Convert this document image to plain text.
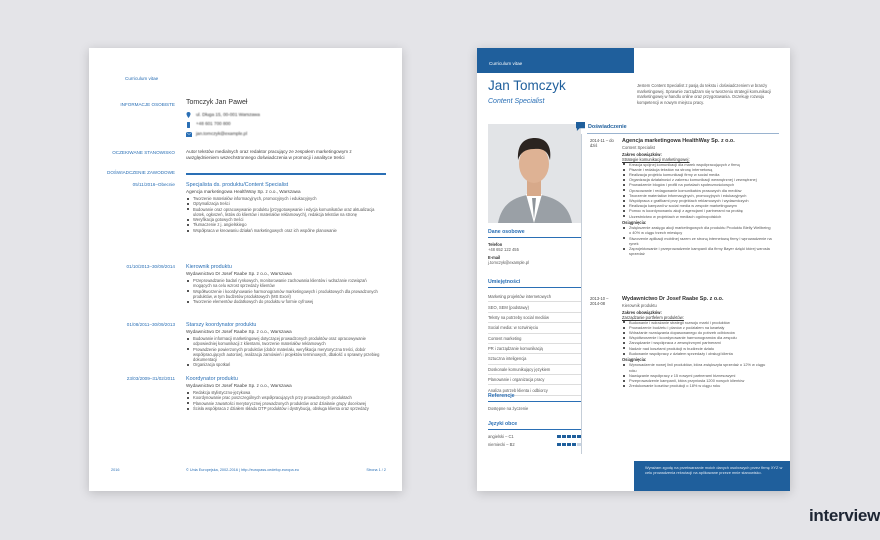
Curriculum vitae
INFORMACJE OSOBISTE Tomczyk Jan Paweł
ul. Długa 15, 00-001 Warszawa
+48 601 700 800
jan.tomczyk@example.pl
OCZEKIWANE STANOWISKO Autor tekstów medialnych oraz redaktor pracujący ze zespołem marketingowym z uwzględnieniem wszechstronnego doświadczenia w promocji i analityce treści
DOŚWIADCZENIE ZAWODOWE
05/11/2016–Obecnie Specjalista ds. produktu/Content Specialist
Agencja marketingowa HealthWay Sp. z o.o., Warszawa
Tworzenie materiałów informacyjnych, promocyjnych i edukacyjnych
Optymalizacja treści
Budowanie oraz opracowywanie produktu (przygotowywanie i edycja komunikatów oraz aktualizacja ulotek, ogłoszeń, listów do klientów i materiałów reklamowych), redakcja tekstów na stronę
Weryfikacja gotowych treści
Tłumaczenie z j. angielskiego
Współpraca w kreowaniu działań marketingowych oraz ich wspólne planowanie
01/10/2013–30/09/2014 Kierownik produktu
Wydawnictwo Dr Josef Raabe Sp. z o.o., Warszawa
Przeprowadzanie badań rynkowych, monitorowanie zachowania klientów i wdrażanie rozwiązań mogących na celu wzrost sprzedaży klientów
Współtworzenie i koordynowanie harmonogramów marketingowych i produktowych dla prowadzonych produktów, w tym budżetów produktowych (MS Excel)
Tworzenie elementów dodatkowych do produktu w formie cyfrowej
01/08/2011–30/09/2013 Starszy koordynator produktu
Wydawnictwo Dr Josef Raabe Sp. z o.o., Warszawa
Budowanie informacji marketingowej dotyczącej prowadzonych produktów oraz opracowywanie odpowiedniej komunikacji z klientami, tworzenie materiałów reklamowych
Prowadzenie powierzonych produktów (dobór materiału, weryfikacja merytoryczna treści, dobór współpracujących autorów), realizacja zamówień i projektów terminowych, dbałość o sprawny przebieg dokumentacji
Organizacja spotkań
23/03/2009–31/02/2011 Koordynator produktu
Wydawnictwo Dr Josef Raabe Sp. z o.o., Warszawa
Redakcja stylistyczno-językowa
Koordynowanie prac poszczególnych współpracujących przy prowadzonych produktach
Planowanie zawartości merytorycznej prowadzonych produktów oraz działanie grupy docelowej
Ścisła współpraca z działem składu DTP produktów i dystrybucją, obsługa klienta oraz sprzedaży
2016	© Unia Europejska, 2002-2016 | http://europass.cedefop.europa.eu	Strona 1 / 2
Curriculum vitae
Jan Tomczyk
Content Specialist
Jestem Content Specialist z pasją do tekstu i doświadczeniem w branży marketingowej. Sprawnie zarządzam się w tworzeniu strategii komunikacji marketingowej w handlu online oraz przygotowania. Oczekuję rozwoju kompetencji w nowym miejscu pracy.
Dane osobowe
Telefon
+48 652 122 455
E-mail
j.tomczyk@example.pl
Umiejętności
Marketing projektów internetowych
SEO, SEM (podstawy)
Teksty na potrzeby social mediów
Social media: w rozwinięciu
Content marketing
PR i zarządzanie komunikacją
Sztuczna inteligencja
Doskonale komunikujący językiem
Planowanie i organizacja pracy
Analiza potrzeb klienta i odbiorcy
Referencje
Dostępne na życzenie
Języki obce
angielski – C1
niemiecki – B2
Doświadczenie
2014-11 – do dziś
Agencja marketingowa HealthWay Sp. z o.o.
Content Specialist
Zakres obowiązków:
Strategie komunikacji marketingowej:
Kreacja spójnej komunikacji dla marek współpracujących z firmą
Pisanie i redakcja tekstów na stronę internetową
Realizacja projektu komunikacji firmy w social media
Organizacja działalności z zakresu komunikacji wewnętrznej i zewnętrznej
Prowadzenie blogów i profili na portalach społecznościowych
Opracowanie i redagowanie komunikatów prasowych dla mediów
Tworzenie materiałów informacyjnych, promocyjnych i edukacyjnych
Współpraca z grafikami przy projektach reklamowych i wydawniczych
Realizacja kampanii w social media w zespole marketingowym
Pomoc w koordynowaniu akcji z agencjami i partnerami na prośbę
Uczestnictwo w projektach w mediach ogólnopolskich
Osiągnięcia:
Zwiększenie zasięgu akcji marketingowych dla produktu Produktu Bielly Wellbeing o 40% w ciągu trzech miesięcy
Stworzenie aplikacji mobilnej razem ze stroną internetową firmy i wprowadzenie na rynek
Zaprojektowanie i przeprowadzenie kampanii dla firmy Bayer dzięki której wzrosła sprzedaż
2013-10 – 2014-08
Wydawnictwo Dr Josef Raabe Sp. z o.o.
Kierownik produktu
Zakres obowiązków:
Zarządzanie portfelem produktów:
Budowanie i wdrażanie strategii rozwoju marki i produktów
Prowadzenie budżetu i planów z podziałem na kwartały
Wdrażanie rozwiązania dopasowanego do potrzeb odbiorców
Współtworzenie i koordynowanie harmonogramów dla zespołu
Zarządzanie i współpraca z zewnętrznymi partnerami
Nadzór nad kosztami produkcji w budżecie działu
Budowanie współpracy z działem sprzedaży i obsługi klienta
Osiągnięcia:
Wprowadzenie nowej linii produktów, która zwiększyła sprzedaż o 12% w ciągu roku
Nawiązanie współpracy z 15 nowymi partnerami biznesowymi
Przeprowadzenie kampanii, która przyniosła 1200 nowych klientów
Zredukowanie kosztów produkcji o 18% w ciągu roku
Wyrażam zgodę na przetwarzanie moich danych osobowych przez firmę XYZ w celu prowadzenia rekrutacji na aplikowane przeze mnie stanowisko.
interview
